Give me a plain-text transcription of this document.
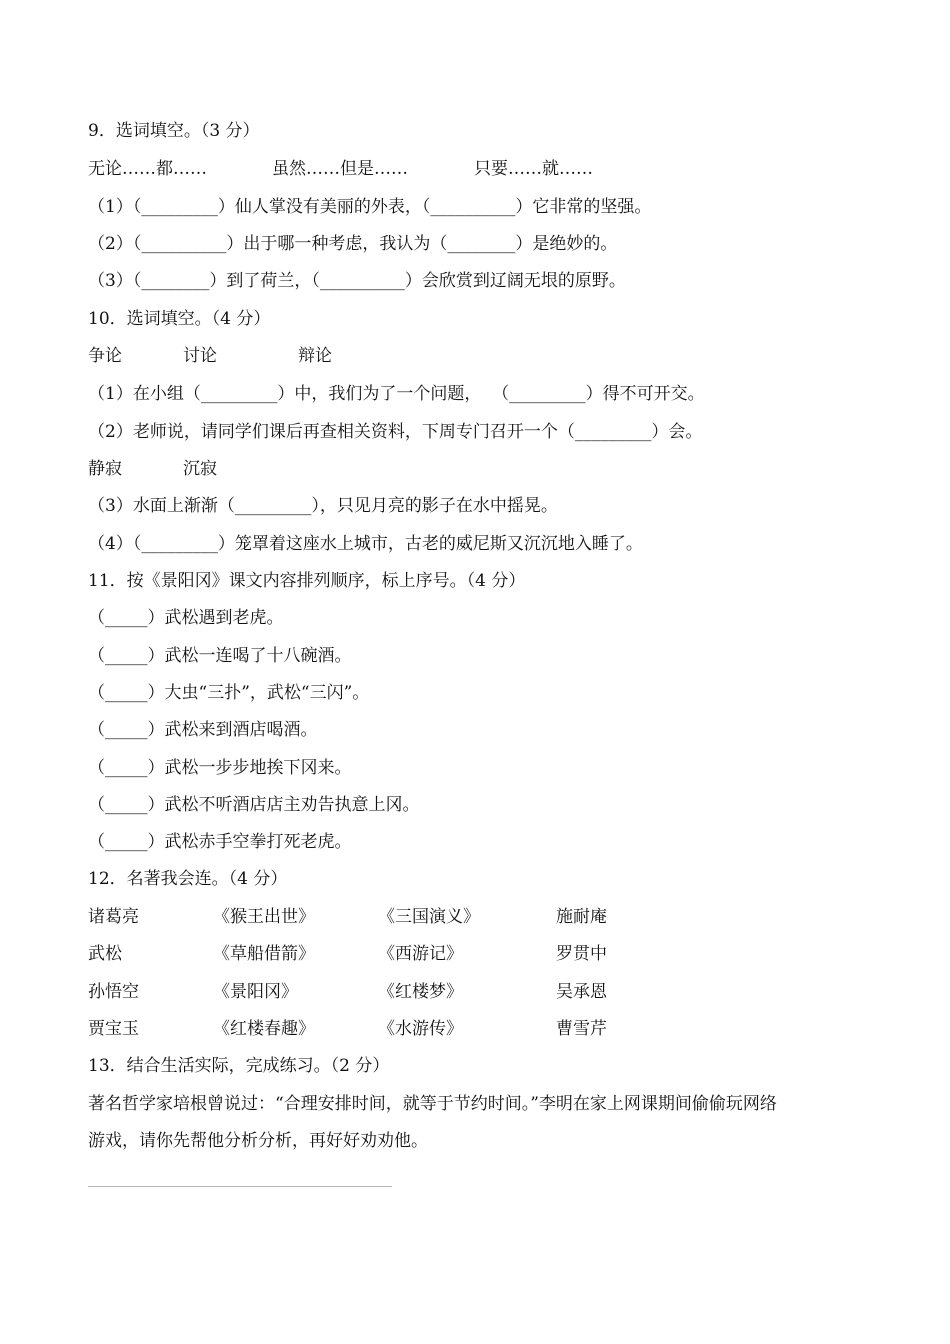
9．选词填空。（3 分）
无论……都……	虽然……但是……	只要……就……
（1）（_________）仙人掌没有美丽的外表，（__________）它非常的坚强。
（2）（__________）出于哪一种考虑，我认为（________）是绝妙的。
（3）（________）到了荷兰，（__________）会欣赏到辽阔无垠的原野。
10．选词填空。（4 分）
争论	讨论	辩论
（1）在小组（_________）中，我们为了一个问题，  （_________）得不可开交。
（2）老师说，请同学们课后再查相关资料，下周专门召开一个（_________）会。
静寂	沉寂
（3）水面上渐渐（_________），只见月亮的影子在水中摇晃。
（4）（_________）笼罩着这座水上城市，古老的威尼斯又沉沉地入睡了。
11．按《景阳冈》课文内容排列顺序，标上序号。（4 分）
（_____）武松遇到老虎。
（_____）武松一连喝了十八碗酒。
（_____）大虫“三扑”，武松“三闪”。
（_____）武松来到酒店喝酒。
（_____）武松一步步地挨下冈来。
（_____）武松不听酒店店主劝告执意上冈。
（_____）武松赤手空拳打死老虎。
12．名著我会连。（4 分）
诸葛亮	《猴王出世》	《三国演义》	施耐庵
武松	《草船借箭》	《西游记》	罗贯中
孙悟空	《景阳冈》	《红楼梦》	吴承恩
贾宝玉	《红楼春趣》	《水游传》	曹雪芹
13．结合生活实际，完成练习。（2 分）
著名哲学家培根曾说过：“合理安排时间，就等于节约时间。”李明在家上网课期间偷偷玩网络
游戏，请你先帮他分析分析，再好好劝劝他。
